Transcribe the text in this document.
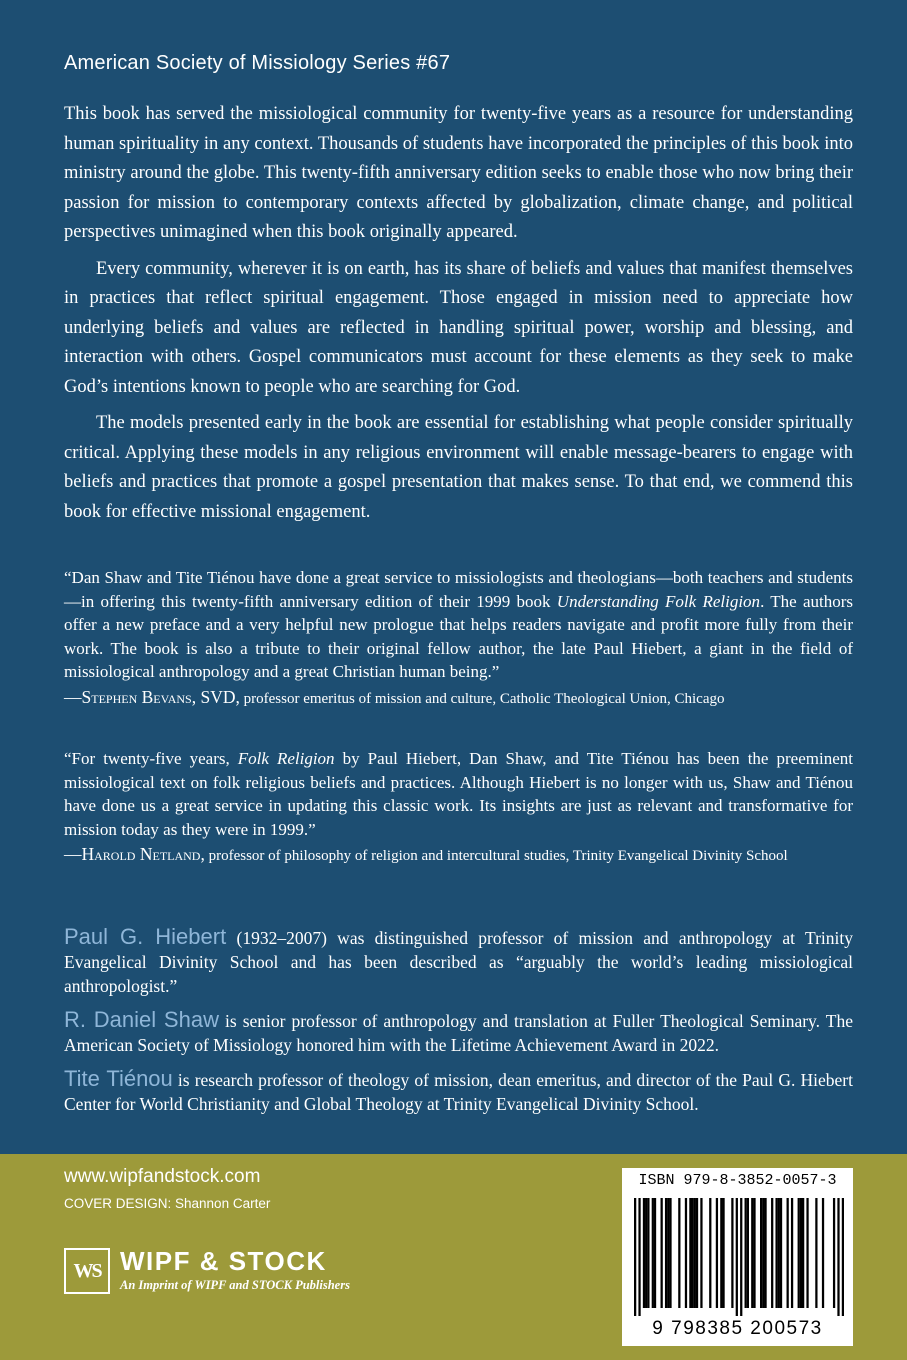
American Society of Missiology Series #67

This book has served the missiological community for twenty-five years as a resource for understanding human spirituality in any context. Thousands of students have incorporated the principles of this book into ministry around the globe. This twenty-fifth anniversary edition seeks to enable those who now bring their passion for mission to contemporary contexts affected by globalization, climate change, and political perspectives unimagined when this book originally appeared.

Every community, wherever it is on earth, has its share of beliefs and values that manifest themselves in practices that reflect spiritual engagement. Those engaged in mission need to appreciate how underlying beliefs and values are reflected in handling spiritual power, worship and blessing, and interaction with others. Gospel communicators must account for these elements as they seek to make God’s intentions known to people who are searching for God.

The models presented early in the book are essential for establishing what people consider spiritually critical. Applying these models in any religious environment will enable message-bearers to engage with beliefs and practices that promote a gospel presentation that makes sense. To that end, we commend this book for effective missional engagement.

“Dan Shaw and Tite Tiénou have done a great service to missiologists and theologians—both teachers and students—in offering this twenty-fifth anniversary edition of their 1999 book Understanding Folk Religion. The authors offer a new preface and a very helpful new prologue that helps readers navigate and profit more fully from their work. The book is also a tribute to their original fellow author, the late Paul Hiebert, a giant in the field of missiological anthropology and a great Christian human being.”

—Stephen Bevans, SVD, professor emeritus of mission and culture, Catholic Theological Union, Chicago

“For twenty-five years, Folk Religion by Paul Hiebert, Dan Shaw, and Tite Tiénou has been the preeminent missiological text on folk religious beliefs and practices. Although Hiebert is no longer with us, Shaw and Tiénou have done us a great service in updating this classic work. Its insights are just as relevant and transformative for mission today as they were in 1999.”

—Harold Netland, professor of philosophy of religion and intercultural studies, Trinity Evangelical Divinity School

Paul G. Hiebert (1932–2007) was distinguished professor of mission and anthropology at Trinity Evangelical Divinity School and has been described as “arguably the world’s leading missiological anthropologist.”

R. Daniel Shaw is senior professor of anthropology and translation at Fuller Theological Seminary. The American Society of Missiology honored him with the Lifetime Achievement Award in 2022.

Tite Tiénou is research professor of theology of mission, dean emeritus, and director of the Paul G. Hiebert Center for World Christianity and Global Theology at Trinity Evangelical Divinity School.

www.wipfandstock.com
COVER DESIGN: Shannon Carter
WS WIPF & STOCK
An Imprint of WIPF and STOCK Publishers
ISBN 979-8-3852-0057-3
9 798385 200573
